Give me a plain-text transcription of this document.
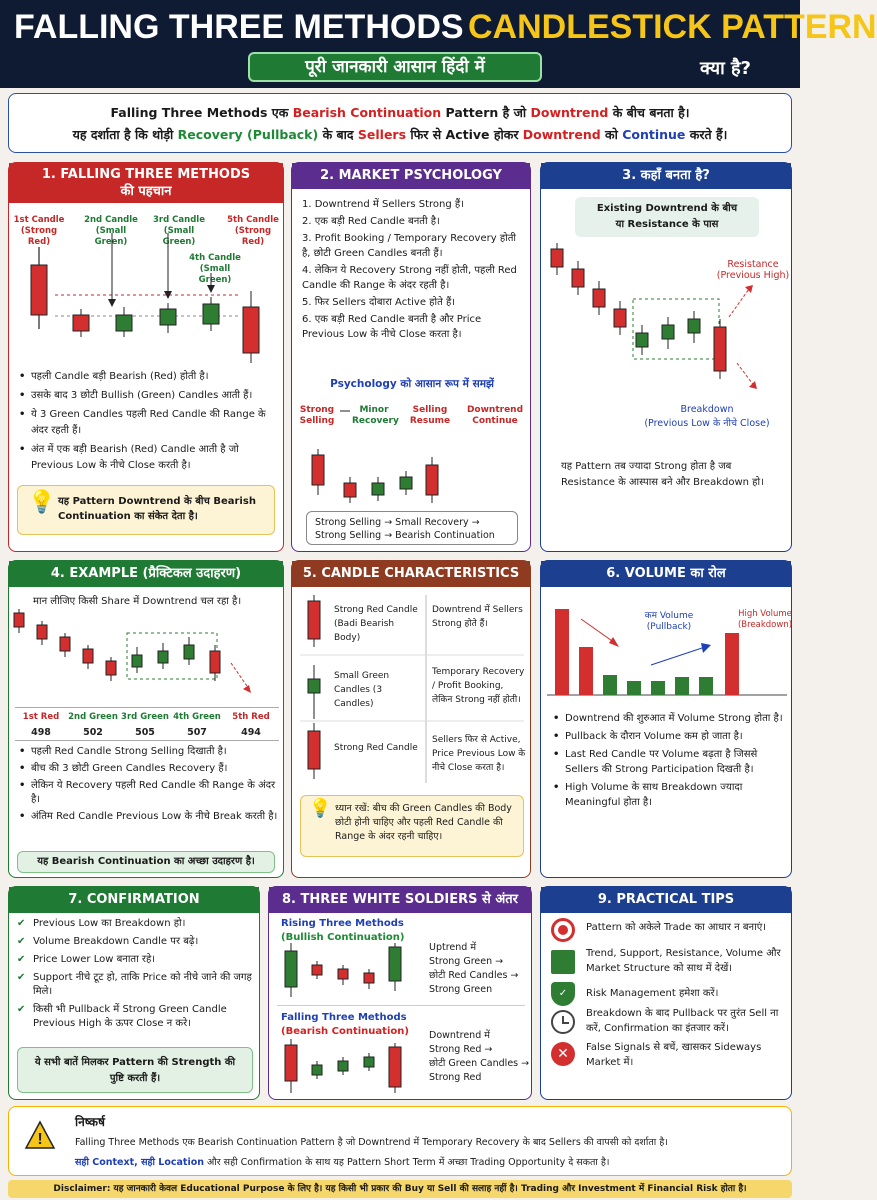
FALLING THREE METHODS CANDLESTICK PATTERN
पूरी जानकारी आसान हिंदी में	क्या है?

Falling Three Methods एक Bearish Continuation Pattern है जो Downtrend के बीच बनता है।

यह दर्शाता है कि थोड़ी Recovery (Pullback) के बाद Sellers फिर से Active होकर Downtrend को Continue करते हैं।

1. FALLING THREE METHODS
की पहचान
1st Candle
(Strong Red)
2nd Candle
(Small Green)
3rd Candle
(Small Green)
5th Candle
(Strong Red)
4th Candle
(Small Green)
• पहली Candle बड़ी Bearish (Red) होती है।
• उसके बाद 3 छोटी Bullish (Green) Candles आती हैं।
• ये 3 Green Candles पहली Red Candle की Range के अंदर रहती हैं।
• अंत में एक बड़ी Bearish (Red) Candle आती है जो Previous Low के नीचे Close करती है।
💡 यह Pattern Downtrend के बीच Bearish Continuation का संकेत देता है।
2. MARKET PSYCHOLOGY
1. Downtrend में Sellers Strong हैं।
2. एक बड़ी Red Candle बनती है।
3. Profit Booking / Temporary Recovery होती है, छोटी Green Candles बनती हैं।
4. लेकिन ये Recovery Strong नहीं होती, पहली Red Candle की Range के अंदर रहती है।
5. फिर Sellers दोबारा Active होते हैं।
6. एक बड़ी Red Candle बनती है और Price Previous Low के नीचे Close करता है।
Psychology को आसान रूप में समझें
Strong Selling
Minor Recovery
Selling Resume
Downtrend Continue
Strong Selling → Small Recovery →
Strong Selling → Bearish Continuation
3. कहाँ बनता है?
Existing Downtrend के बीच
या Resistance के पास
Resistance
(Previous High)
Breakdown
(Previous Low के नीचे Close)
यह Pattern तब ज्यादा Strong होता है जब Resistance के आस्पास बने और Breakdown हो।
4. EXAMPLE (प्रैक्टिकल उदाहरण)
मान लीजिए किसी Share में Downtrend चल रहा है।
1st Red
498
2nd Green
502
3rd Green
505
4th Green
507
5th Red
494
• पहली Red Candle Strong Selling दिखाती है।
• बीच की 3 छोटी Green Candles Recovery हैं।
• लेकिन ये Recovery पहली Red Candle की Range के अंदर है।
• अंतिम Red Candle Previous Low के नीचे Break करती है।
यह Bearish Continuation का अच्छा उदाहरण है।
5. CANDLE CHARACTERISTICS
Strong Red Candle (Badi Bearish Body)
Downtrend में Sellers Strong होते हैं।
Small Green Candles (3 Candles)
Temporary Recovery / Profit Booking, लेकिन Strong नहीं होती।
Strong Red Candle
Sellers फिर से Active, Price Previous Low के नीचे Close करता है।
💡 ध्यान रखें: बीच की Green Candles की Body छोटी होनी चाहिए और पहली Red Candle की Range के अंदर रहनी चाहिए।
6. VOLUME का रोल
कम Volume
(Pullback)
High Volume
(Breakdown)
• Downtrend की शुरुआत में Volume Strong होता है।
• Pullback के दौरान Volume कम हो जाता है।
• Last Red Candle पर Volume बढ़ता है जिससे Sellers की Strong Participation दिखती है।
• High Volume के साथ Breakdown ज्यादा Meaningful होता है।
7. CONFIRMATION
✔ Previous Low का Breakdown हो।
✔ Volume Breakdown Candle पर बढ़े।
✔ Price Lower Low बनाता रहे।
✔ Support नीचे टूट हो, ताकि Price को नीचे जाने की जगह मिले।
✔ किसी भी Pullback में Strong Green Candle Previous High के ऊपर Close न करे।
ये सभी बातें मिलकर Pattern की Strength की पुष्टि करती हैं।
8. THREE WHITE SOLDIERS से अंतर
Rising Three Methods
(Bullish Continuation)
Uptrend में
Strong Green →
छोटी Red Candles →
Strong Green
Falling Three Methods
(Bearish Continuation) Downtrend में
Strong Red →
छोटी Green Candles →
Strong Red
9. PRACTICAL TIPS
Pattern को अकेले Trade का आधार न बनाएं।
Trend, Support, Resistance, Volume और Market Structure को साथ में देखें।
✓	Risk Management हमेशा करें।
Breakdown के बाद Pullback पर तुरंत Sell ना करें, Confirmation का इंतजार करें।
✕	False Signals से बचें, खासकर Sideways Market में।
!
निष्कर्ष
Falling Three Methods एक Bearish Continuation Pattern है जो Downtrend में Temporary Recovery के बाद Sellers की वापसी को दर्शाता है।
सही Context, सही Location और सही Confirmation के साथ यह Pattern Short Term में अच्छा Trading Opportunity दे सकता है।
Disclaimer: यह जानकारी केवल Educational Purpose के लिए है। यह किसी भी प्रकार की Buy या Sell की सलाह नहीं है। Trading और Investment में Financial Risk होता है।
